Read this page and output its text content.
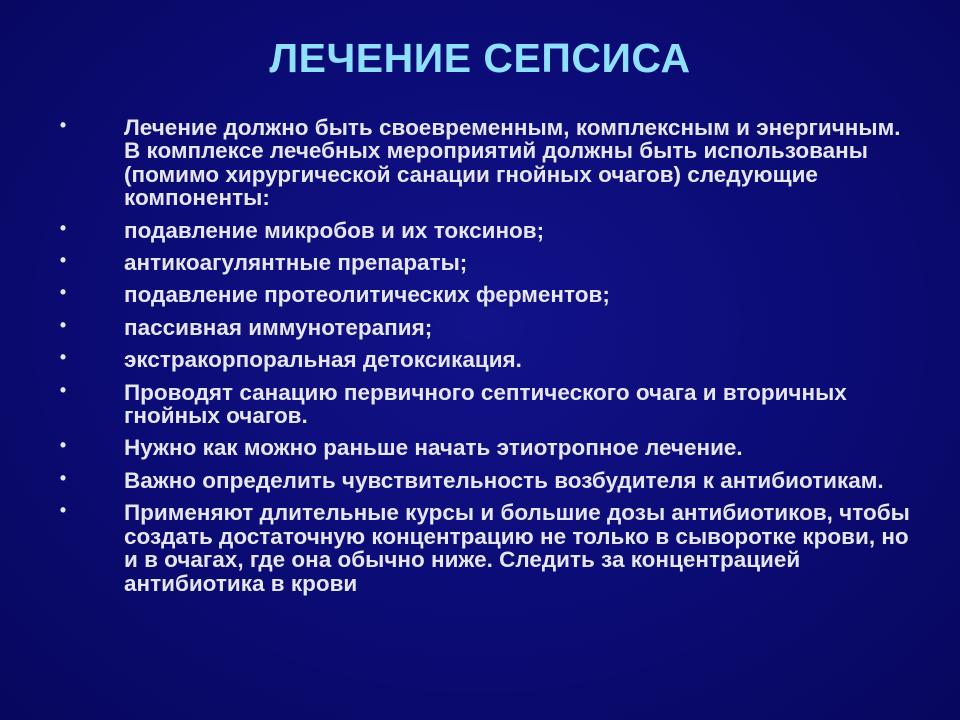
ЛЕЧЕНИЕ СЕПСИСА
•	Лечение должно быть своевременным, комплексным и энергичным. В комплексе лечебных мероприятий должны быть использованы (помимо хирургической санации гнойных очагов) следующие компоненты:
•	подавление микробов и их токсинов;
•	антикоагулянтные препараты;
•	подавление протеолитических ферментов;
•	пассивная иммунотерапия;
•	экстракорпоральная детоксикация.
•	Проводят санацию первичного септического очага и вторичных гнойных очагов.
•	Нужно как можно раньше начать этиотропное лечение.
•	Важно определить чувствительность возбудителя к антибиотикам.
•	Применяют длительные курсы и большие дозы антибиотиков, чтобы создать достаточную концентрацию не только в сыворотке крови, но и в очагах, где она обычно ниже. Следить за концентрацией антибиотика в крови
